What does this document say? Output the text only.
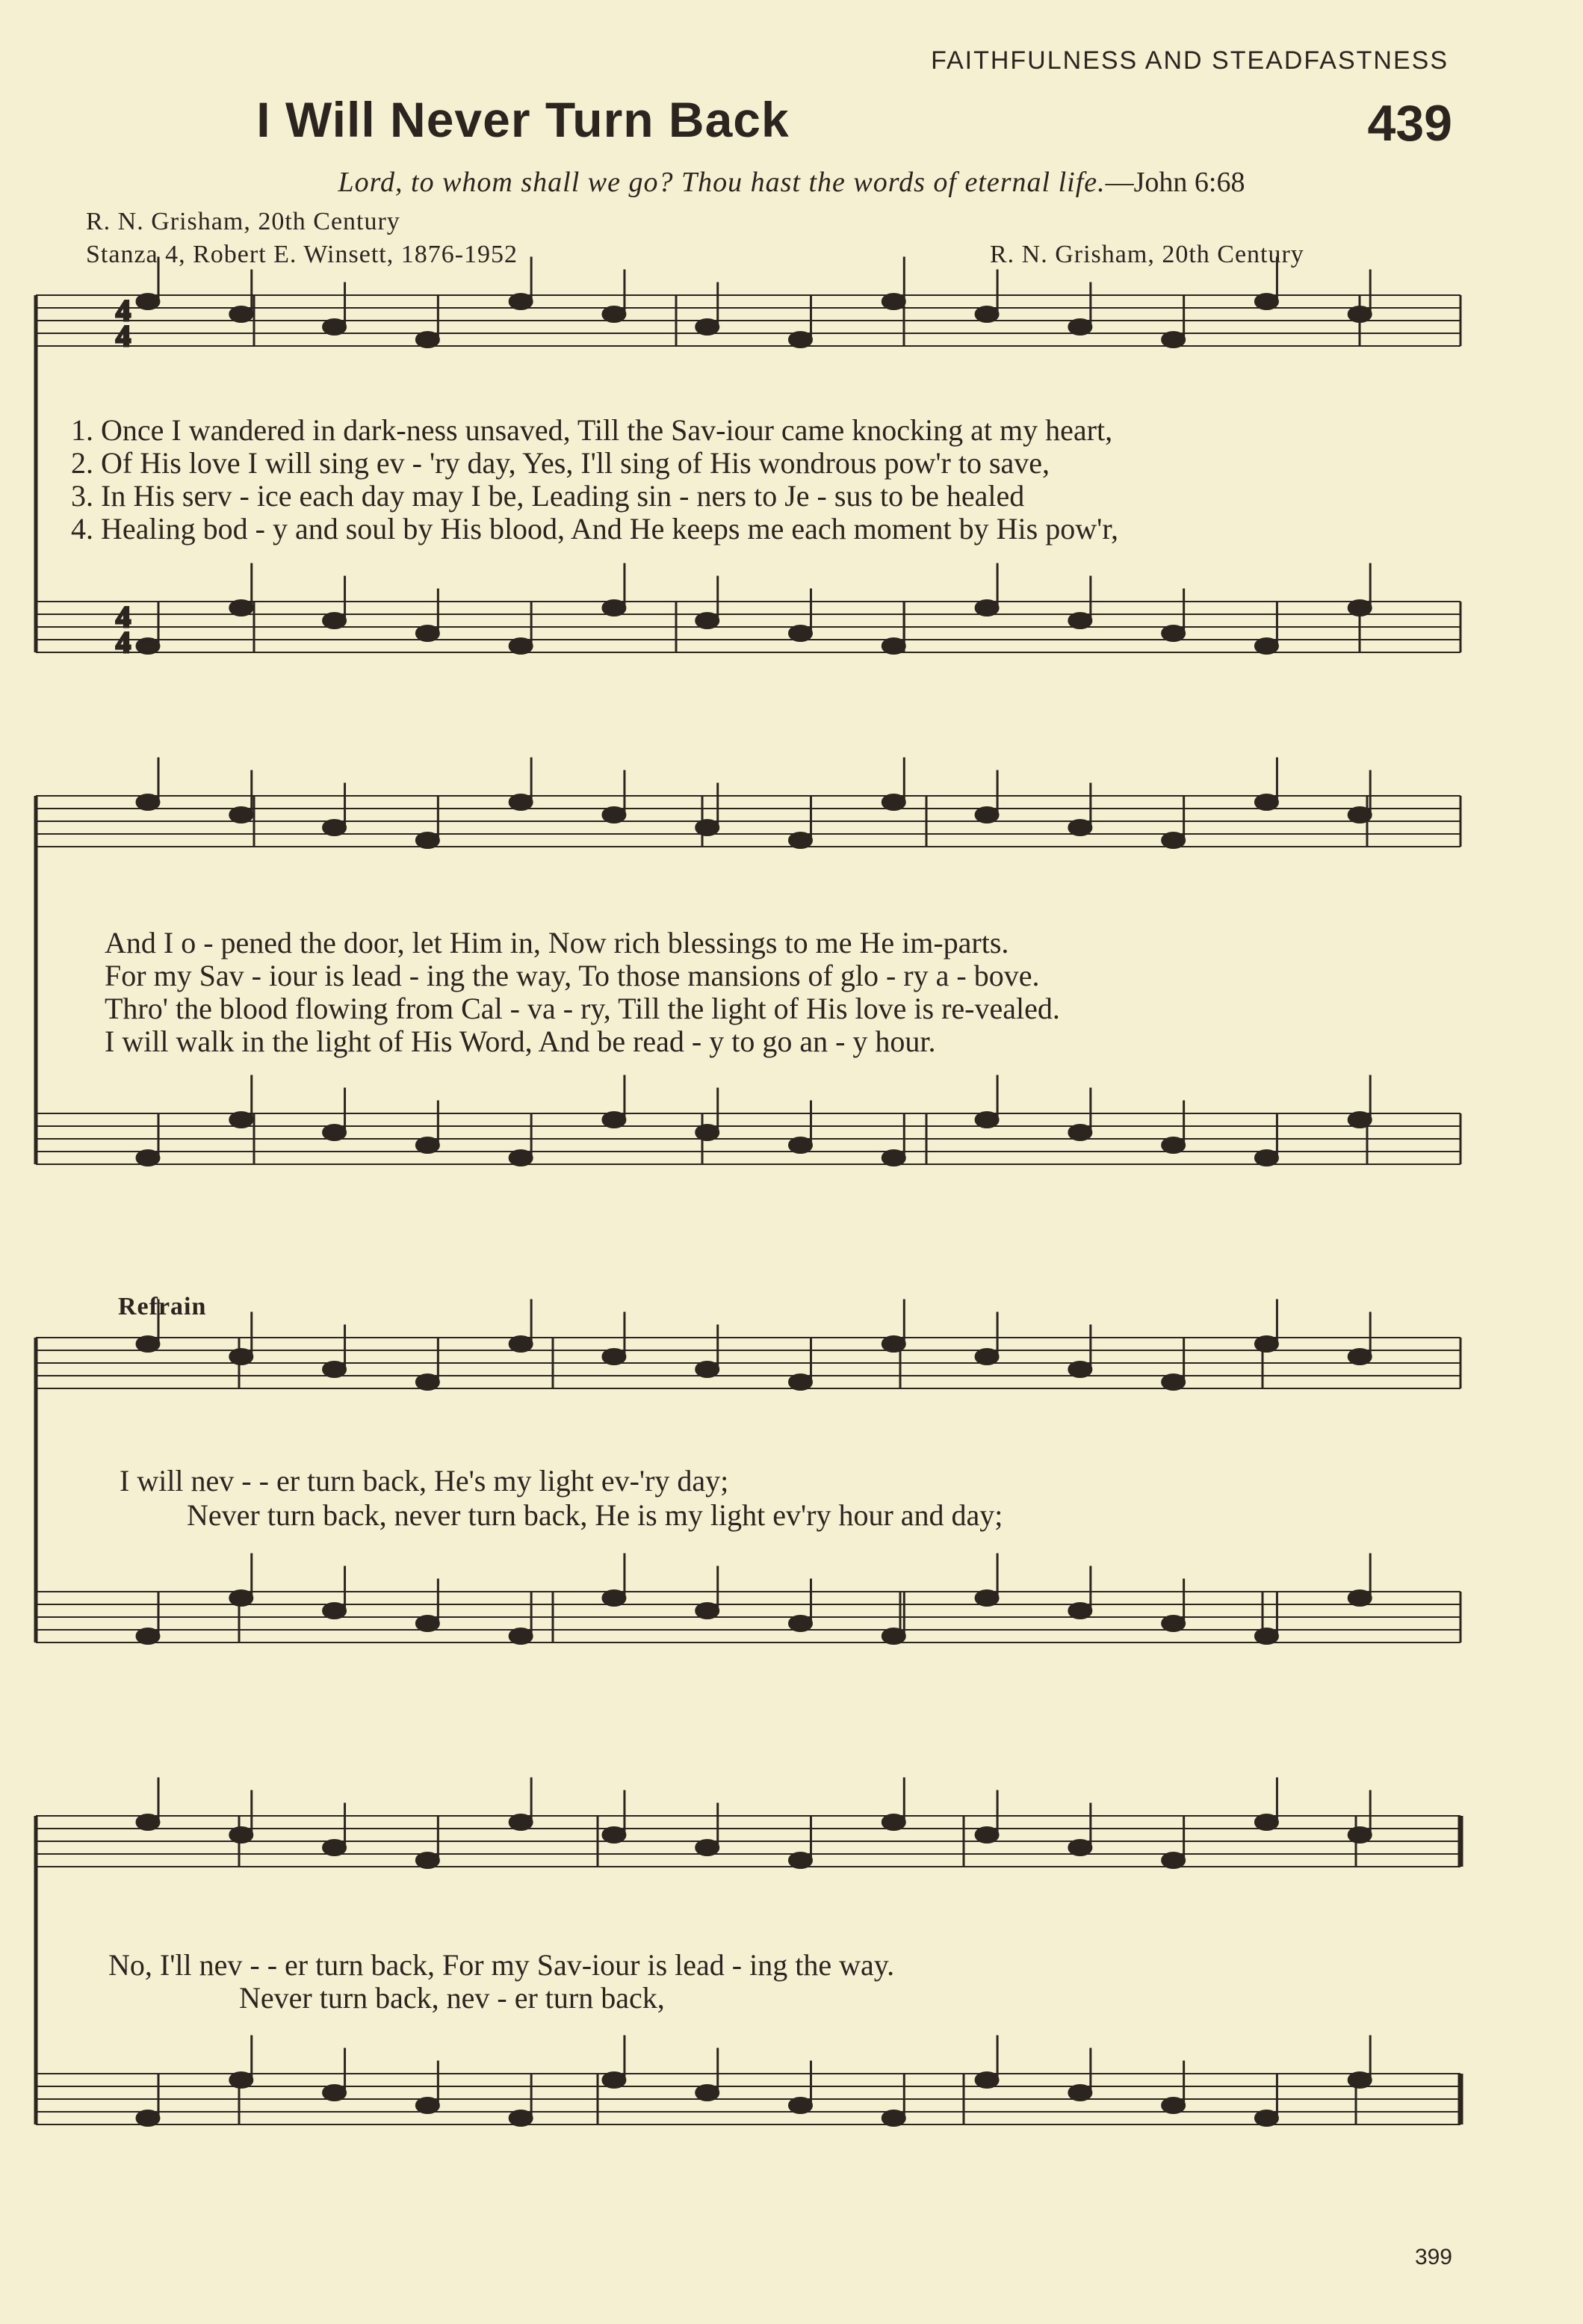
FAITHFULNESS AND STEADFASTNESS
I Will Never Turn Back	439
Lord, to whom shall we go? Thou hast the words of eternal life.—John 6:68
R. N. Grisham, 20th Century
Stanza 4, Robert E. Winsett, 1876-1952	R. N. Grisham, 20th Century
4
4
4
4
1. Once I wandered in dark-ness unsaved, Till the Sav-iour came knocking at my heart,
2. Of His love I will sing ev - 'ry day, Yes, I'll sing of His wondrous pow'r to save,
3. In His serv - ice each day may I be, Leading sin - ners to Je - sus to be healed
4. Healing bod - y and soul by His blood, And He keeps me each moment by His pow'r,
And I o - pened the door, let Him in, Now rich blessings to me He im-parts.
For my Sav - iour is lead - ing the way, To those mansions of glo - ry a - bove.
Thro' the blood flowing from Cal - va - ry, Till the light of His love is re-vealed.
I will walk in the light of His Word, And be read - y to go an - y hour.
Refrain
I will nev - - er turn back, He's my light ev-'ry day;
Never turn back, never turn back, He is my light ev'ry hour and day;
No, I'll nev - - er turn back, For my Sav-iour is lead - ing the way.
Never turn back, nev - er turn back,
399
